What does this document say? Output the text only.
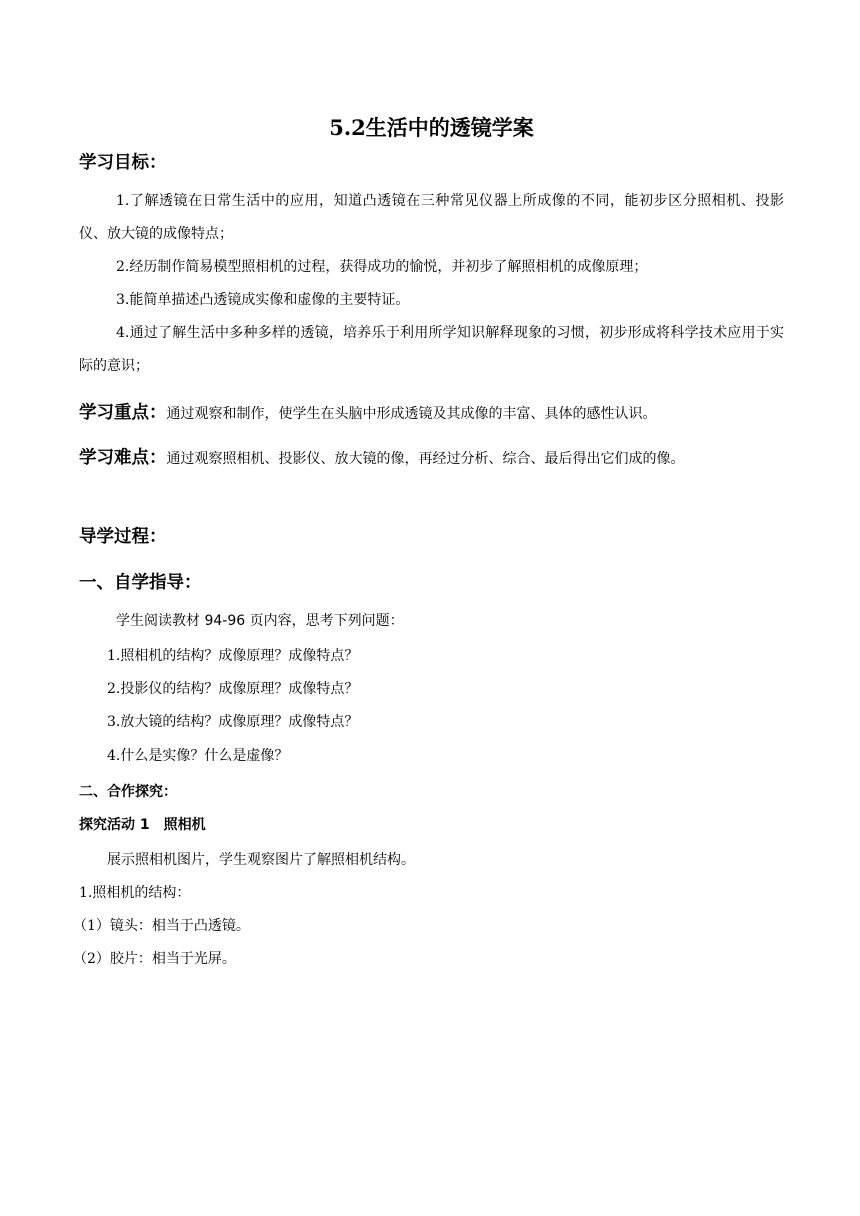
5.2生活中的透镜学案
学习目标：
1.了解透镜在日常生活中的应用，知道凸透镜在三种常见仪器上所成像的不同，能初步区分照相机、投影仪、放大镜的成像特点；
2.经历制作简易模型照相机的过程，获得成功的愉悦，并初步了解照相机的成像原理；
3.能简单描述凸透镜成实像和虚像的主要特证。
4.通过了解生活中多种多样的透镜，培养乐于利用所学知识解释现象的习惯，初步形成将科学技术应用于实际的意识；
学习重点：通过观察和制作，使学生在头脑中形成透镜及其成像的丰富、具体的感性认识。
学习难点：通过观察照相机、投影仪、放大镜的像，再经过分析、综合、最后得出它们成的像。
导学过程：
一、自学指导：
学生阅读教材 94-96 页内容，思考下列问题：
1.照相机的结构？成像原理？成像特点？
2.投影仪的结构？成像原理？成像特点？
3.放大镜的结构？成像原理？成像特点？
4.什么是实像？什么是虚像？
二、合作探究：
探究活动 1　照相机
展示照相机图片，学生观察图片了解照相机结构。
1.照相机的结构：
（1）镜头：相当于凸透镜。
（2）胶片：相当于光屏。
